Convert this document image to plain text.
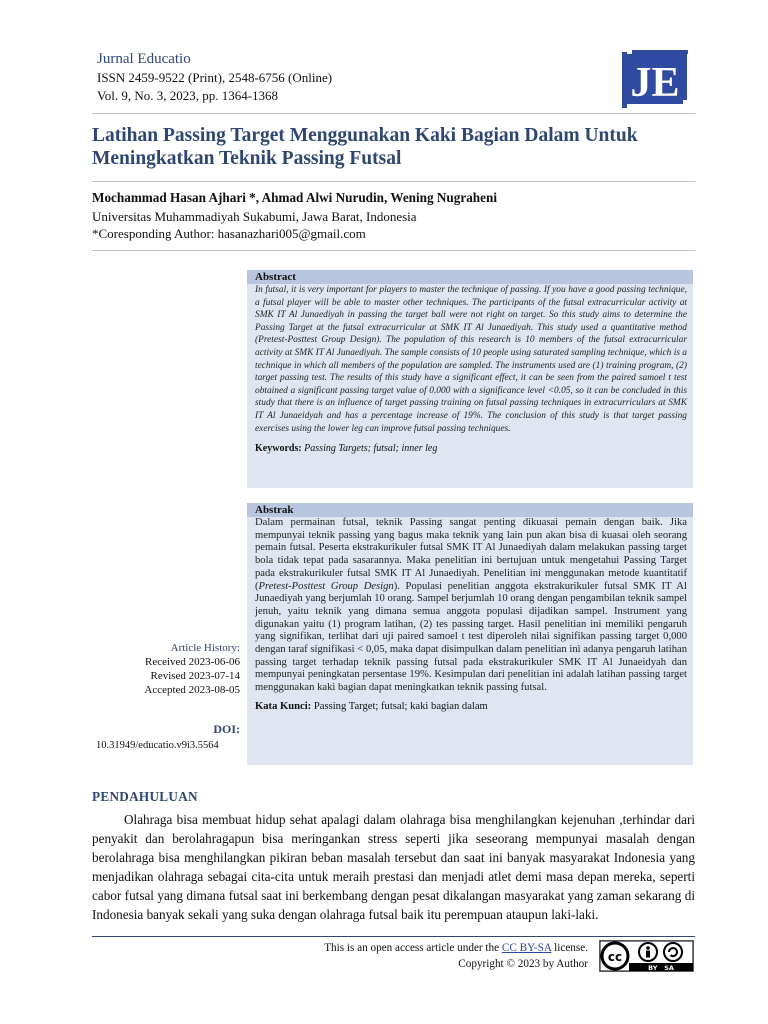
Jurnal Educatio
ISSN 2459-9522 (Print), 2548-6756 (Online)
Vol. 9, No. 3, 2023, pp. 1364-1368	JE
Latihan Passing Target Menggunakan Kaki Bagian Dalam Untuk Meningkatkan Teknik Passing Futsal
Mochammad Hasan Ajhari *, Ahmad Alwi Nurudin, Wening Nugraheni
Universitas Muhammadiyah Sukabumi, Jawa Barat, Indonesia
*Coresponding Author: hasanazhari005@gmail.com
Abstract
In futsal, it is very important for players to master the technique of passing. If you have a good passing technique, a futsal player will be able to master other techniques. The participants of the futsal extracurricular activity at SMK IT Al Junaediyah in passing the target ball were not right on target. So this study aims to determine the Passing Target at the futsal extracurricular at SMK IT Al Junaediyah. This study used a quantitative method (Pretest-Posttest Group Design). The population of this research is 10 members of the futsal extracurricular activity at SMK IT Al Junaediyah. The sample consists of 10 people using saturated sampling technique, which is a technique in which all members of the population are sampled. The instruments used are (1) training program, (2) target passing test. The results of this study have a significant effect, it can be seen from the paired samoel t test obtained a significant passing target value of 0.000 with a significance level <0.05, so it can be concluded in this study that there is an influence of target passing training on futsal passing techniques in extracurriculars at SMK IT Al Junaeidyah and has a percentage increase of 19%. The conclusion of this study is that target passing exercises using the lower leg can improve futsal passing techniques.
Keywords: Passing Targets; futsal; inner leg
Abstrak
Dalam permainan futsal, teknik Passing sangat penting dikuasai pemain dengan baik. Jika mempunyai teknik passing yang bagus maka teknik yang lain pun akan bisa di kuasai oleh seorang pemain futsal. Peserta ekstrakurikuler futsal SMK IT Al Junaediyah dalam melakukan passing target bola tidak tepat pada sasarannya. Maka penelitian ini bertujuan untuk mengetahui Passing Target pada ekstrakurikuler futsal SMK IT Al Junaediyah. Penelitian ini menggunakan metode kuantitatif (Pretest-Posttest Group Design). Populasi penelitian anggota ekstrakurikuler futsal SMK IT Al Junaediyah yang berjumlah 10 orang. Sampel berjumlah 10 orang dengan pengambilan teknik sampel jenuh, yaitu teknik yang dimana semua anggota populasi dijadikan sampel. Instrument yang digunakan yaitu (1) program latihan, (2) tes passing target. Hasil penelitian ini memiliki pengaruh yang signifikan, terlihat dari uji paired samoel t test diperoleh nilai signifikan passing target 0,000 dengan taraf signifikasi < 0,05, maka dapat disimpulkan dalam penelitian ini adanya pengaruh latihan passing target terhadap teknik passing futsal pada ekstrakurikuler SMK IT Al Junaeidyah dan mempunyai peningkatan persentase 19%. Kesimpulan dari penelitian ini adalah latihan passing target menggunakan kaki bagian dapat meningkatkan teknik passing futsal.
Kata Kunci: Passing Target; futsal; kaki bagian dalam
Article History:
Received 2023-06-06
Revised 2023-07-14
Accepted 2023-08-05
DOI:
10.31949/educatio.v9i3.5564
PENDAHULUAN

Olahraga bisa membuat hidup sehat apalagi dalam olahraga bisa menghilangkan kejenuhan ,terhindar dari penyakit dan berolahragapun bisa meringankan stress seperti jika seseorang mempunyai masalah dengan berolahraga bisa menghilangkan pikiran beban masalah tersebut dan saat ini banyak masyarakat Indonesia yang menjadikan olahraga sebagai cita-cita untuk meraih prestasi dan menjadi atlet demi masa depan mereka, seperti cabor futsal yang dimana futsal saat ini berkembang dengan pesat dikalangan masyarakat yang zaman sekarang di Indonesia banyak sekali yang suka dengan olahraga futsal baik itu perempuan ataupun laki-laki.

This is an open access article under the CC BY-SA license.
Copyright © 2023 by Author cc
BY   SA
